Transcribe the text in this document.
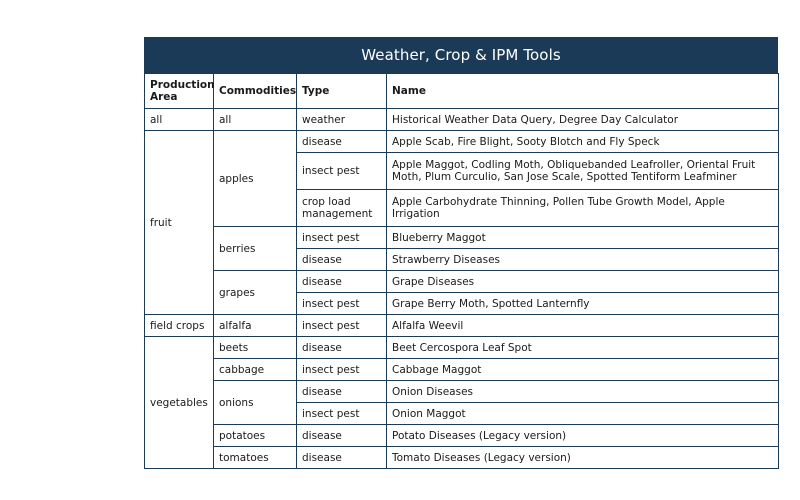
Weather, Crop & IPM Tools
Production Area	Commodities	Type	Name
all	all	weather	Historical Weather Data Query, Degree Day Calculator
fruit	apples	disease	Apple Scab, Fire Blight, Sooty Blotch and Fly Speck
		insect pest	Apple Maggot, Codling Moth, Obliquebanded Leafroller, Oriental Fruit Moth, Plum Curculio, San Jose Scale, Spotted Tentiform Leafminer
		crop load management	Apple Carbohydrate Thinning, Pollen Tube Growth Model, Apple Irrigation
	berries	insect pest	Blueberry Maggot
		disease	Strawberry Diseases
	grapes	disease	Grape Diseases
		insect pest	Grape Berry Moth, Spotted Lanternfly
field crops	alfalfa	insect pest	Alfalfa Weevil
vegetables	beets	disease	Beet Cercospora Leaf Spot
	cabbage	insect pest	Cabbage Maggot
	onions	disease	Onion Diseases
		insect pest	Onion Maggot
	potatoes	disease	Potato Diseases (Legacy version)
	tomatoes	disease	Tomato Diseases (Legacy version)
